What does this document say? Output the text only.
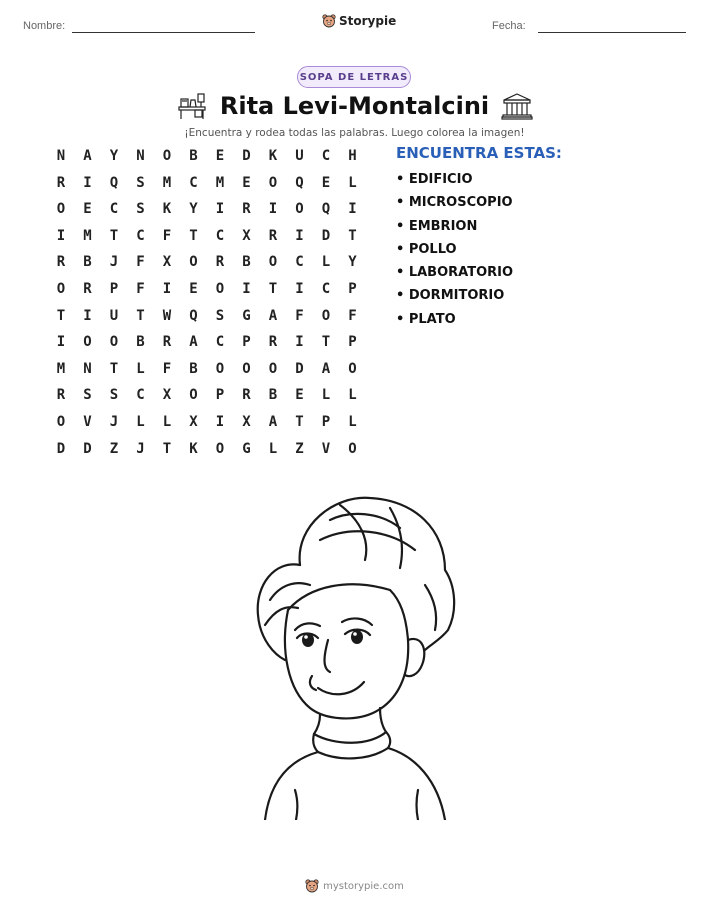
Nombre:	Storypie	Fecha:
SOPA DE LETRAS
Rita Levi-Montalcini
¡Encuentra y rodea todas las palabras. Luego colorea la imagen!
N	A	Y	N	O	B	E	D	K	U	C	H
R	I	Q	S	M	C	M	E	O	Q	E	L
O	E	C	S	K	Y	I	R	I	O	Q	I
I	M	T	C	F	T	C	X	R	I	D	T
R	B	J	F	X	O	R	B	O	C	L	Y
O	R	P	F	I	E	O	I	T	I	C	P
T	I	U	T	W	Q	S	G	A	F	O	F
I	O	O	B	R	A	C	P	R	I	T	P
M	N	T	L	F	B	O	O	O	D	A	O
R	S	S	C	X	O	P	R	B	E	L	L
O	V	J	L	L	X	I	X	A	T	P	L
D	D	Z	J	T	K	O	G	L	Z	V	O
ENCUENTRA ESTAS:
• EDIFICIO
• MICROSCOPIO
• EMBRION
• POLLO
• LABORATORIO
• DORMITORIO
• PLATO
mystorypie.com
